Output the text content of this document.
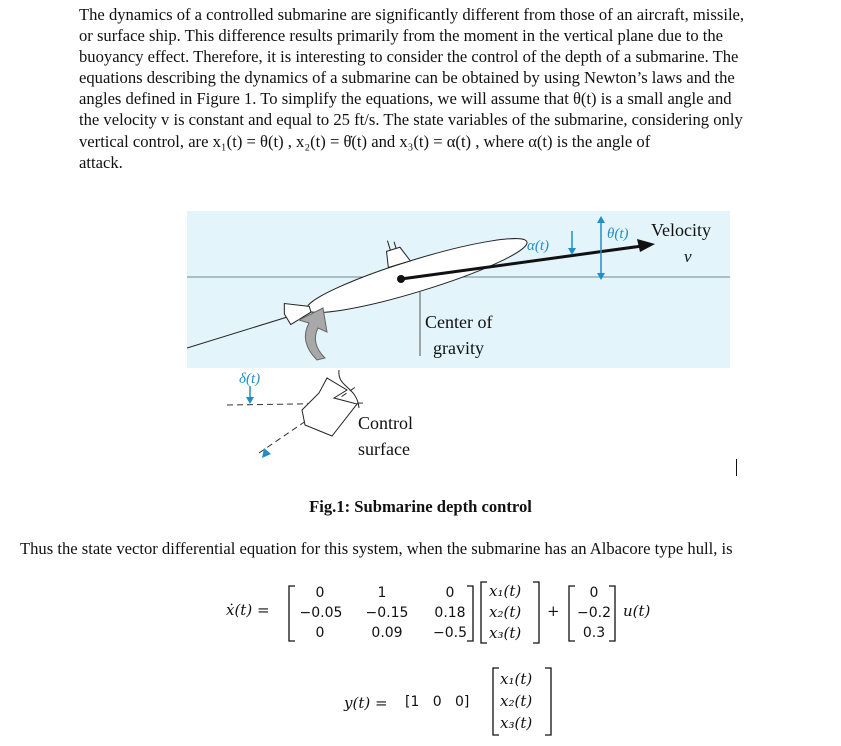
The dynamics of a controlled submarine are significantly different from those of an aircraft, missile,

or surface ship. This difference results primarily from the moment in the vertical plane due to the

buoyancy effect. Therefore, it is interesting to consider the control of the depth of a submarine. The

equations describing the dynamics of a submarine can be obtained by using Newton’s laws and the

angles defined in Figure 1. To simplify the equations, we will assume that θ(t) is a small angle and

the velocity v is constant and equal to 25 ft/s. The state variables of the submarine, considering only

vertical control, are x₁(t) = θ(t) , x₂(t) = θ̇(t) and x₃(t) = α(t) , where α(t) is the angle of

attack.

α(t)
θ(t) Velocity
v
Center of
gravity
δ(t)
Control
surface
Fig.1: Submarine depth control
Thus the state vector differential equation for this system, when the submarine has an Albacore type hull, is
ẋ(t) =
0	1	0
−0.05 −0.15	0.18
0	0.09	−0.5
x₁(t)
x₂(t)
x₃(t)
+
0
−0.2
0.3
u(t)
y(t) = [1   0   0]
x₁(t)
x₂(t)
x₃(t)
